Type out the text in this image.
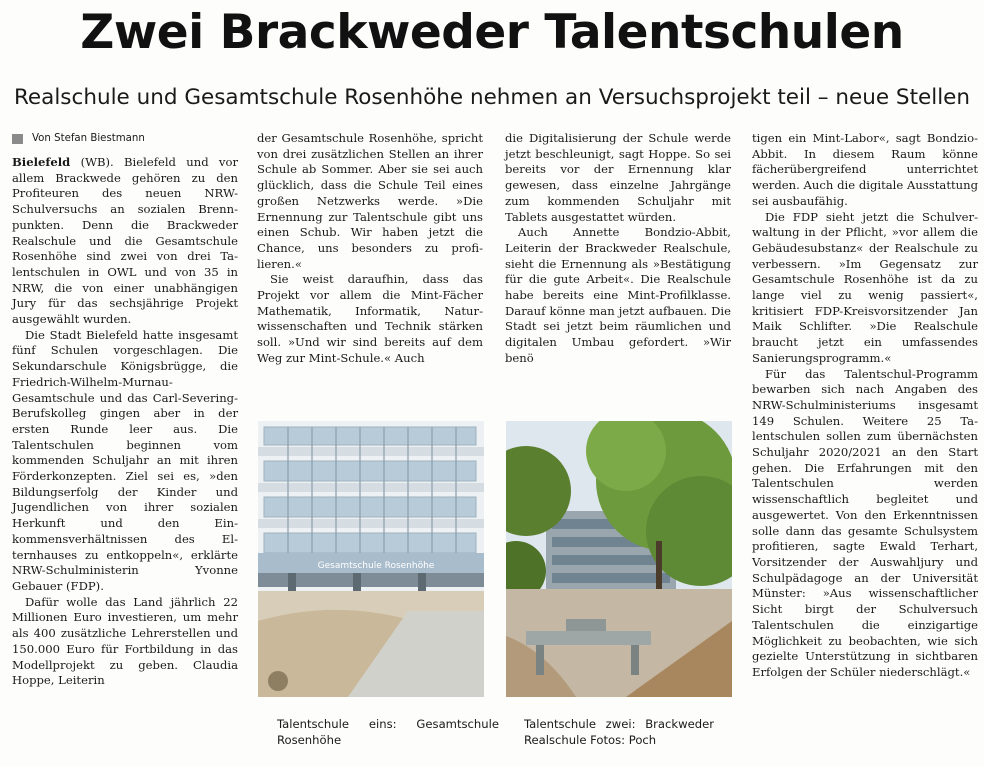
Zwei Brackweder Talentschulen
Realschule und Gesamtschule Rosenhöhe nehmen an Versuchsprojekt teil – neue Stellen
Von Stefan Biestmann

Bielefeld (WB). Bielefeld und vor allem Brackwede gehören zu den Profiteuren des neuen NRW-Schulversuchs an sozialen Brennpunkten. Denn die Brackweder Realschule und die Gesamtschule Rosenhöhe sind zwei von drei Talentschulen in OWL und von 35 in NRW, die von einer unabhängigen Jury für das sechsjährige Projekt ausgewählt wurden.

Die Stadt Bielefeld hatte insgesamt fünf Schulen vorgeschlagen. Die Sekundarschule Königsbrügge, die Friedrich-Wilhelm-Murnau-Gesamtschule und das Carl-Severing-Berufskolleg gingen aber in der ersten Runde leer aus. Die Talentschulen beginnen vom kommenden Schuljahr an mit ihren Förderkonzepten. Ziel sei es, »den Bildungserfolg der Kinder und Jugendlichen von ihrer sozialen Herkunft und den Einkommensverhältnissen des Elternhauses zu entkoppeln«, erklärte NRW-Schulministerin Yvonne Gebauer (FDP).

Dafür wolle das Land jährlich 22 Millionen Euro investieren, um mehr als 400 zusätzliche Lehrerstellen und 150.000 Euro für Fortbildung in das Modellprojekt zu geben. Claudia Hoppe, Leiterin

der Gesamtschule Rosenhöhe, spricht von drei zusätzlichen Stellen an ihrer Schule ab Sommer. Aber sie sei auch glücklich, dass die Schule Teil eines großen Netzwerks werde. »Die Ernennung zur Talentschule gibt uns einen Schub. Wir haben jetzt die Chance, uns besonders zu profilieren.«

Sie weist daraufhin, dass das Projekt vor allem die Mint-Fächer Mathematik, Informatik, Naturwissenschaften und Technik stärken soll. »Und wir sind bereits auf dem Weg zur Mint-Schule.« Auch

die Digitalisierung der Schule werde jetzt beschleunigt, sagt Hoppe. So sei bereits vor der Ernennung klar gewesen, dass einzelne Jahrgänge zum kommenden Schuljahr mit Tablets ausgestattet würden.

Auch Annette Bondzio-Abbit, Leiterin der Brackweder Realschule, sieht die Ernennung als »Bestätigung für die gute Arbeit«. Die Realschule habe bereits eine Mint-Profilklasse. Darauf könne man jetzt aufbauen. Die Stadt sei jetzt beim räumlichen und digitalen Umbau gefordert. »Wir benö

tigen ein Mint-Labor«, sagt Bondzio-Abbit. In diesem Raum könne fächerübergreifend unterrichtet werden. Auch die digitale Ausstattung sei ausbaufähig.

Die FDP sieht jetzt die Schulverwaltung in der Pflicht, »vor allem die Gebäudesubstanz« der Realschule zu verbessern. »Im Gegensatz zur Gesamtschule Rosenhöhe ist da zu lange viel zu wenig passiert«, kritisiert FDP-Kreisvorsitzender Jan Maik Schlifter. »Die Realschule braucht jetzt ein umfassendes Sanierungsprogramm.«

Für das Talentschul-Programm bewarben sich nach Angaben des NRW-Schulministeriums insgesamt 149 Schulen. Weitere 25 Talentschulen sollen zum übernächsten Schuljahr 2020/2021 an den Start gehen. Die Erfahrungen mit den Talentschulen werden wissenschaftlich begleitet und ausgewertet. Von den Erkenntnissen solle dann das gesamte Schulsystem profitieren, sagte Ewald Terhart, Vorsitzender der Auswahljury und Schulpädagoge an der Universität Münster: »Aus wissenschaftlicher Sicht birgt der Schulversuch Talentschulen die einzigartige Möglichkeit zu beobachten, wie sich gezielte Unterstützung in sichtbaren Erfolgen der Schüler niederschlägt.«

Gesamtschule Rosenhöhe
Talentschule eins: Gesamtschule Rosenhöhe
Talentschule zwei: Brackweder Realschule Fotos: Poch
